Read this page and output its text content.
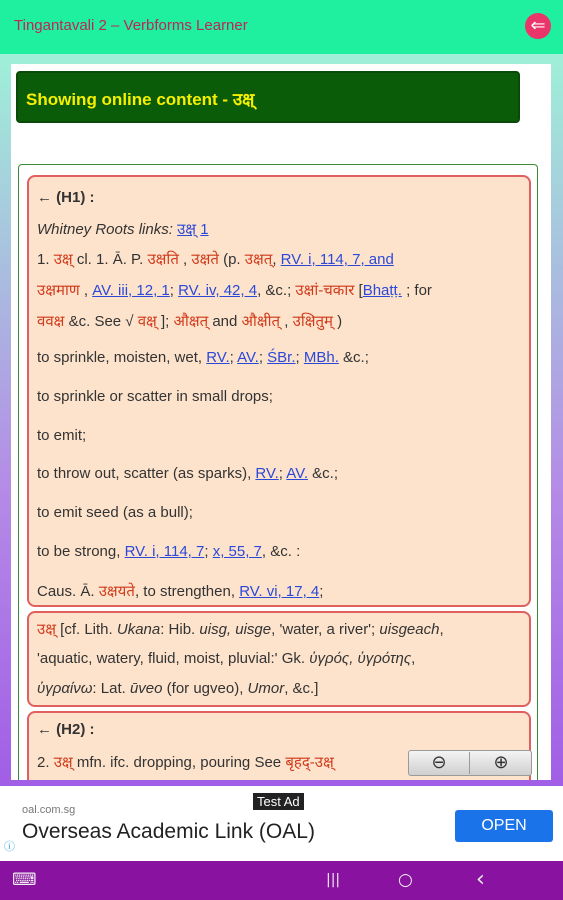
Tingantavali 2 – Verbforms Learner	⇐
Showing online content - उक्ष्
← (H1) :
Whitney Roots links: उक्ष् 1
1. उक्ष् cl. 1. Ā. P. उक्षति , उक्षते (p. उक्षत्, RV. i, 114, 7, and
उक्षमाण , AV. iii, 12, 1; RV. iv, 42, 4, &c.; उक्षां-चकार [Bhaṭṭ. ; for
ववक्ष &c. See √ वक्ष् ]; औक्षत् and औक्षीत् , उक्षितुम् )
to sprinkle, moisten, wet, RV.; AV.; ŚBr.; MBh. &c.;
to sprinkle or scatter in small drops;
to emit;
to throw out, scatter (as sparks), RV.; AV. &c.;
to emit seed (as a bull);
to be strong, RV. i, 114, 7; x, 55, 7, &c. :
Caus. Ā. उक्षयते, to strengthen, RV. vi, 17, 4;
उक्ष् [cf. Lith. Ukana: Hib. uisg, uisge, 'water, a river'; uisgeach,
'aquatic, watery, fluid, moist, pluvial:' Gk. ὑγρός, ὑγρότης,
ὑγραίνω: Lat. ūveo (for ugveo), Umor, &c.]
← (H2) :
2. उक्ष् mfn. ifc. dropping, pouring See बृहद्-उक्ष्	⊖	⊕
Test Ad
oal.com.sg
Overseas Academic Link (OAL)	OPEN
ⓘ
⌨	|||	○	‹
